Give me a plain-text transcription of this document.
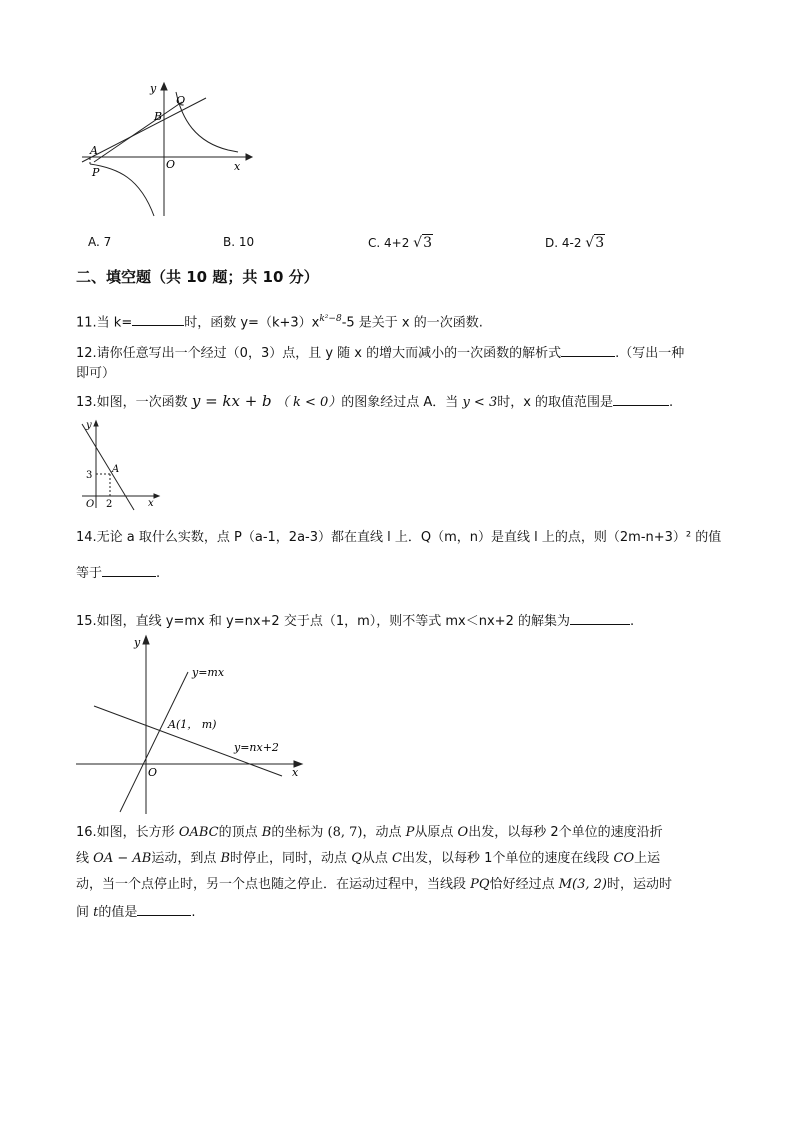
y
x
O
Q
B
A
P
A. 7	B. 10	C. 4+2 √3	D. 4-2 √3
二、填空题（共 10 题；共 10 分）
11.当 k=	时，函数 $y=(k+3)x^{k^2-8}-5$ 是关于 x 的一次函数.
12.请你任意写出一个经过（0，3）点，且 y 随 x 的增大而减小的一次函数的解析式	.（写出一种
即可）
13.如图，一次函数 y = kx + b （ k < 0）的图象经过点 A．当 y < 3时，x 的取值范围是	.
y
x
O
3
2
A
14.无论 a 取什么实数，点 P（a-1，2a-3）都在直线 l 上．Q（m，n）是直线 l 上的点，则（2m-n+3）² 的值
等于	.
15.如图，直线 y=mx 和 y=nx+2 交于点（1，m），则不等式 mx＜nx+2 的解集为	.
y
x
O
y=mx
y=nx+2
A(1， m)
16.如图，长方形 OABC的顶点 B的坐标为 (8, 7)，动点 P从原点 O出发，以每秒 2个单位的速度沿折
线 OA − AB运动，到点 B时停止，同时，动点 Q从点 C出发，以每秒 1个单位的速度在线段 CO上运
动，当一个点停止时，另一个点也随之停止．在运动过程中，当线段 PQ恰好经过点 M(3, 2)时，运动时
间 t的值是	.
